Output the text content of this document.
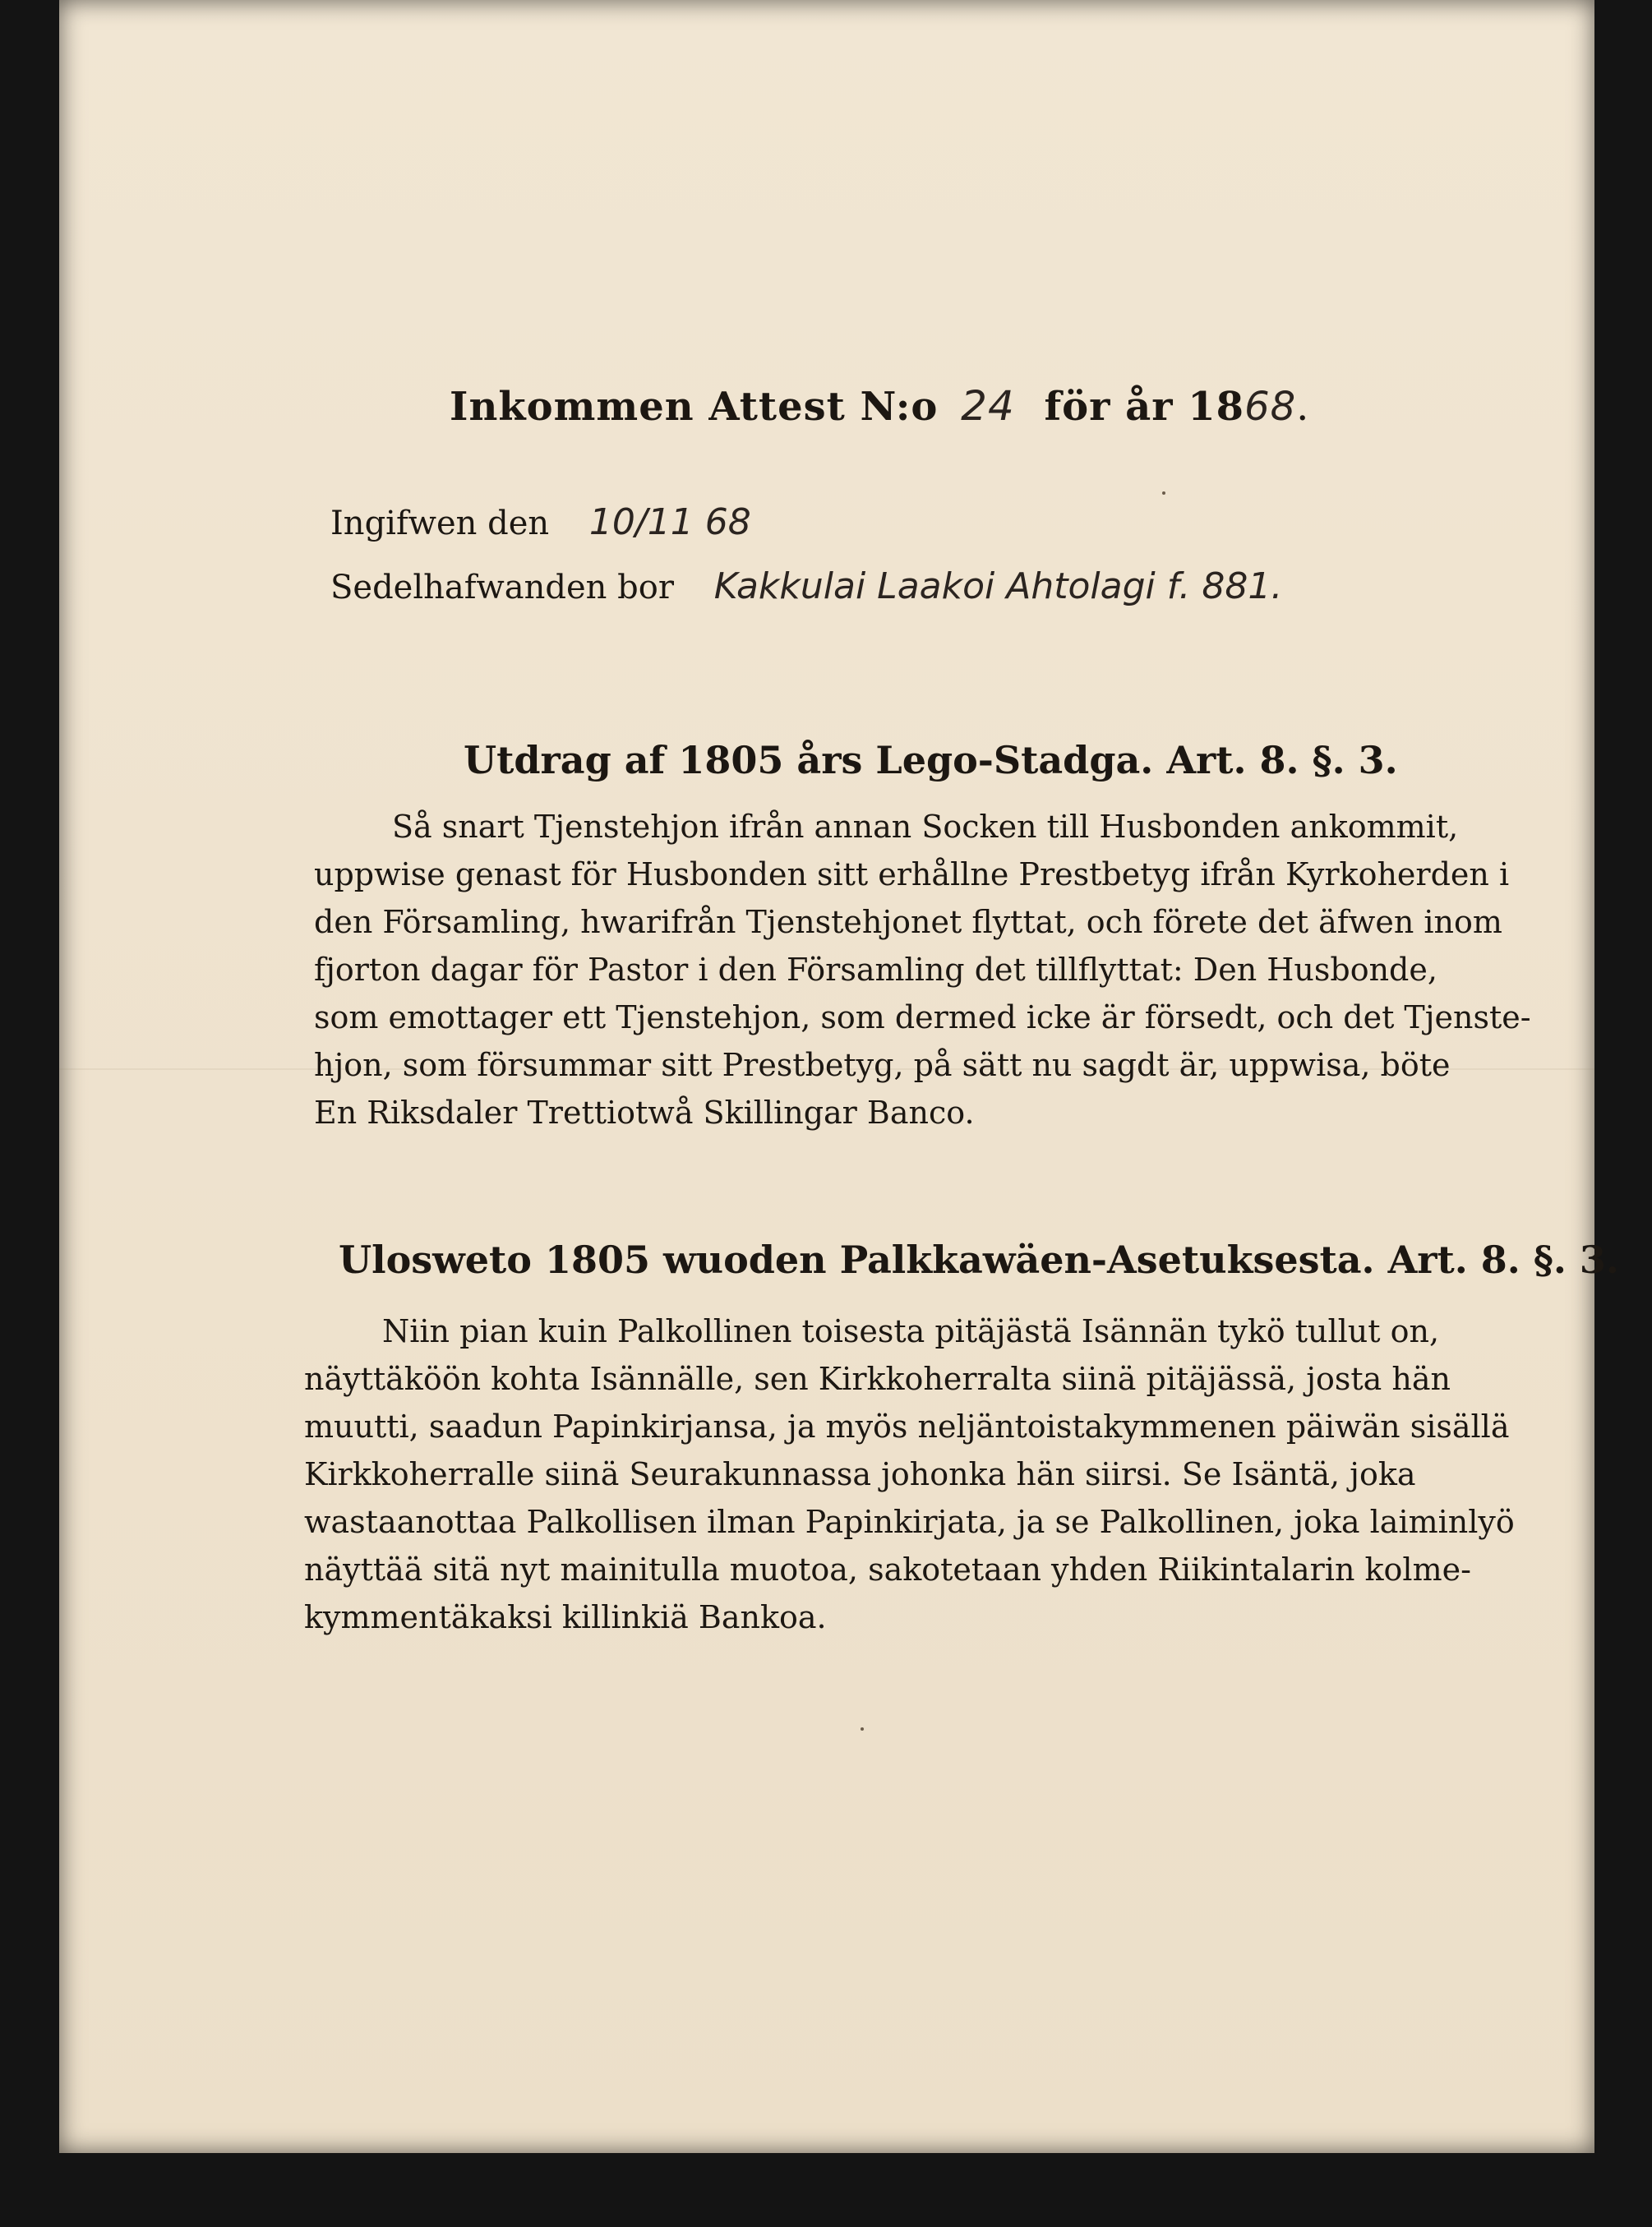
Inkommen Attest N:o 24 för år 1868.
Ingifwen den 10/11 68
Sedelhafwanden bor Kakkulai Laakoi Ahtolagi f. 881.
Utdrag af 1805 års Lego-Stadga. Art. 8. §. 3.
Så snart Tjenstehjon ifrån annan Socken till Husbonden ankommit,
uppwise genast för Husbonden sitt erhållne Prestbetyg ifrån Kyrkoherden i
den Församling, hwarifrån Tjenstehjonet flyttat, och förete det äfwen inom
fjorton dagar för Pastor i den Församling det tillflyttat: Den Husbonde,
som emottager ett Tjenstehjon, som dermed icke är försedt, och det Tjenste-
hjon, som försummar sitt Prestbetyg, på sätt nu sagdt är, uppwisa, böte
En Riksdaler Trettiotwå Skillingar Banco.
Ulosweto 1805 wuoden Palkkawäen-Asetuksesta. Art. 8. §. 3.
Niin pian kuin Palkollinen toisesta pitäjästä Isännän tykö tullut on,
näyttäköön kohta Isännälle, sen Kirkkoherralta siinä pitäjässä, josta hän
muutti, saadun Papinkirjansa, ja myös neljäntoistakymmenen päiwän sisällä
Kirkkoherralle siinä Seurakunnassa johonka hän siirsi. Se Isäntä, joka
wastaanottaa Palkollisen ilman Papinkirjata, ja se Palkollinen, joka laiminlyö
näyttää sitä nyt mainitulla muotoa, sakotetaan yhden Riikintalarin kolme-
kymmentäkaksi killinkiä Bankoa.
